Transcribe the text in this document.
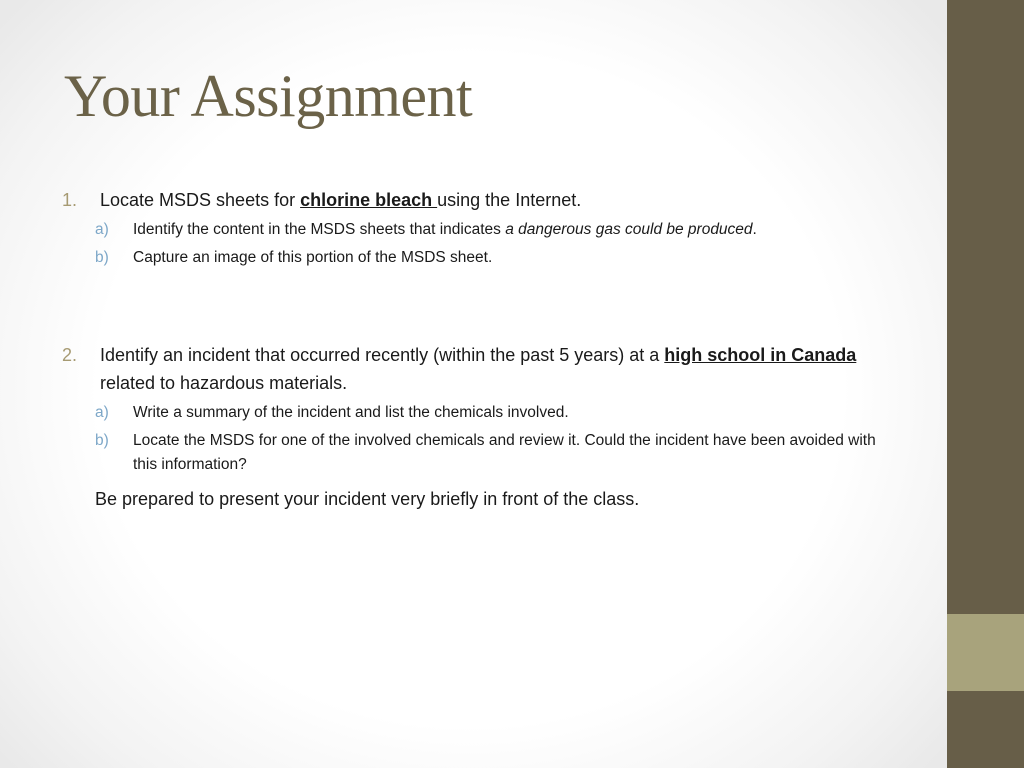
Your Assignment
1. Locate MSDS sheets for chlorine bleach using the Internet.
a) Identify the content in the MSDS sheets that indicates a dangerous gas could be produced.
b) Capture an image of this portion of the MSDS sheet.
2. Identify an incident that occurred recently (within the past 5 years) at a high school in Canada related to hazardous materials.
a) Write a summary of the incident and list the chemicals involved.
b) Locate the MSDS for one of the involved chemicals and review it. Could the incident have been avoided with this information?
Be prepared to present your incident very briefly in front of the class.
